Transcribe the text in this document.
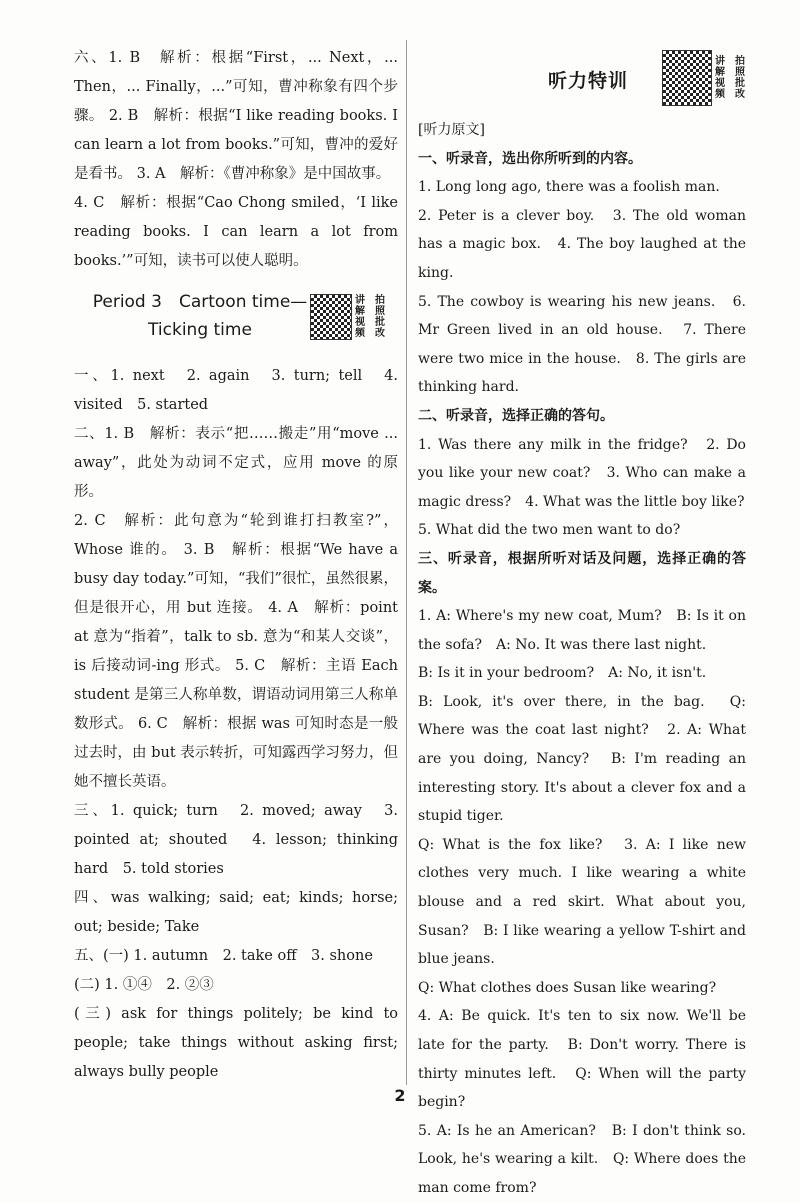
六、1. B　解析：根据“First，... Next，... Then，... Finally，...”可知，曹冲称象有四个步骤。 2. B　解析：根据“I like reading books. I can learn a lot from books.”可知，曹冲的爱好是看书。 3. A　解析：《曹冲称象》是中国故事。

4. C　解析：根据“Cao Chong smiled，‘I like reading books. I can learn a lot from books.’”可知，读书可以使人聪明。

Period 3　Cartoon time—Ticking time
讲
解
视
频
拍
照
批
改

一、1. next　2. again　3. turn; tell　4. visited　5. started

二、1. B　解析：表示“把……搬走”用“move ... away”，此处为动词不定式，应用 move 的原形。

2. C　解析：此句意为“轮到谁打扫教室?”，Whose 谁的。 3. B　解析：根据“We have a busy day today.”可知，“我们”很忙，虽然很累，但是很开心，用 but 连接。 4. A　解析：point at 意为“指着”，talk to sb. 意为“和某人交谈”，is 后接动词-ing 形式。 5. C　解析：主语 Each student 是第三人称单数，谓语动词用第三人称单数形式。 6. C　解析：根据 was 可知时态是一般过去时，由 but 表示转折，可知露西学习努力，但她不擅长英语。

三、1. quick; turn　2. moved; away　3. pointed at; shouted　4. lesson; thinking hard　5. told stories

四、was walking; said; eat; kinds; horse; out; beside; Take

五、(一) 1. autumn　2. take off　3. shone

(二) 1. ①④　2. ②③

(三) ask for things politely; be kind to people; take things without asking first; always bully people

听力特训
讲
解
视
频
拍
照
批
改

[听力原文]

一、听录音，选出你所听到的内容。

1. Long long ago, there was a foolish man.

2. Peter is a clever boy.　3. The old woman has a magic box.　4. The boy laughed at the king.

5. The cowboy is wearing his new jeans.　6. Mr Green lived in an old house.　7. There were two mice in the house.　8. The girls are thinking hard.

二、听录音，选择正确的答句。

1. Was there any milk in the fridge?　2. Do you like your new coat?　3. Who can make a magic dress?　4. What was the little boy like?

5. What did the two men want to do?

三、听录音，根据所听对话及问题，选择正确的答案。

1. A: Where's my new coat, Mum?　B: Is it on the sofa?　A: No. It was there last night.

B: Is it in your bedroom?　A: No, it isn't.

B: Look, it's over there, in the bag.　Q: Where was the coat last night?　2. A: What are you doing, Nancy?　B: I'm reading an interesting story. It's about a clever fox and a stupid tiger.

Q: What is the fox like?　3. A: I like new clothes very much. I like wearing a white blouse and a red skirt. What about you, Susan?　B: I like wearing a yellow T-shirt and blue jeans.

Q: What clothes does Susan like wearing?

4. A: Be quick. It's ten to six now. We'll be late for the party.　B: Don't worry. There is thirty minutes left.　Q: When will the party begin?

5. A: Is he an American?　B: I don't think so. Look, he's wearing a kilt.　Q: Where does the man come from?

2
